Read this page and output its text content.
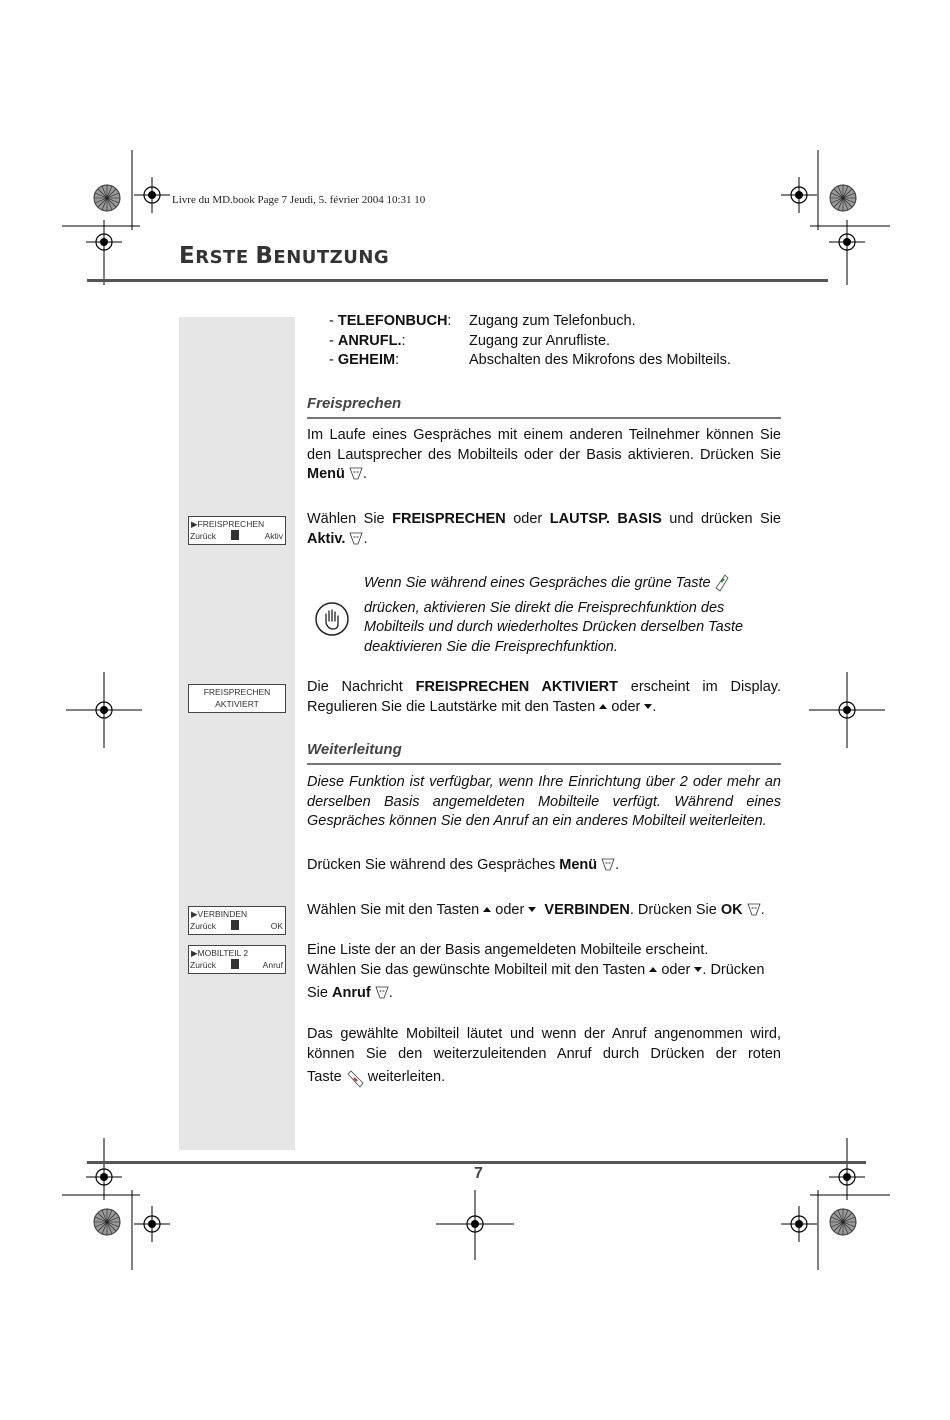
Livre du MD.book Page 7 Jeudi, 5. février 2004 10:31 10
ERSTE BENUTZUNG
▶FREISPRECHEN
Zurück	Aktiv
FREISPRECHEN
AKTIVIERT
▶VERBINDEN
Zurück	OK
▶MOBILTEIL 2
Zurück	Anruf
- TELEFONBUCH: Zugang zum Telefonbuch.
- ANRUFL.:	Zugang zur Anrufliste.
- GEHEIM:	Abschalten des Mikrofons des Mobilteils.
Freisprechen
Im Laufe eines Gespräches mit einem anderen Teilnehmer können Sie den Lautsprecher des Mobilteils oder der Basis aktivieren. Drücken Sie Menü .
Wählen Sie FREISPRECHEN oder LAUTSP. BASIS und drücken Sie Aktiv. .
Wenn Sie während eines Gespräches die grüne Taste
drücken, aktivieren Sie direkt die Freisprechfunktion des
Mobilteils und durch wiederholtes Drücken derselben Taste
deaktivieren Sie die Freisprechfunktion.
Die Nachricht FREISPRECHEN AKTIVIERT erscheint im Display.
Regulieren Sie die Lautstärke mit den Tasten oder .
Weiterleitung
Diese Funktion ist verfügbar, wenn Ihre Einrichtung über 2 oder mehr an derselben Basis angemeldeten Mobilteile verfügt. Während eines Gespräches können Sie den Anruf an ein anderes Mobilteil weiterleiten.
Drücken Sie während des Gespräches Menü .
Wählen Sie mit den Tasten oder VERBINDEN. Drücken Sie OK .
Eine Liste der an der Basis angemeldeten Mobilteile erscheint.
Wählen Sie das gewünschte Mobilteil mit den Tasten oder . Drücken
Sie Anruf .
Das gewählte Mobilteil läutet und wenn der Anruf angenommen wird, können Sie den weiterzuleitenden Anruf durch Drücken der roten
Taste weiterleiten.
7
